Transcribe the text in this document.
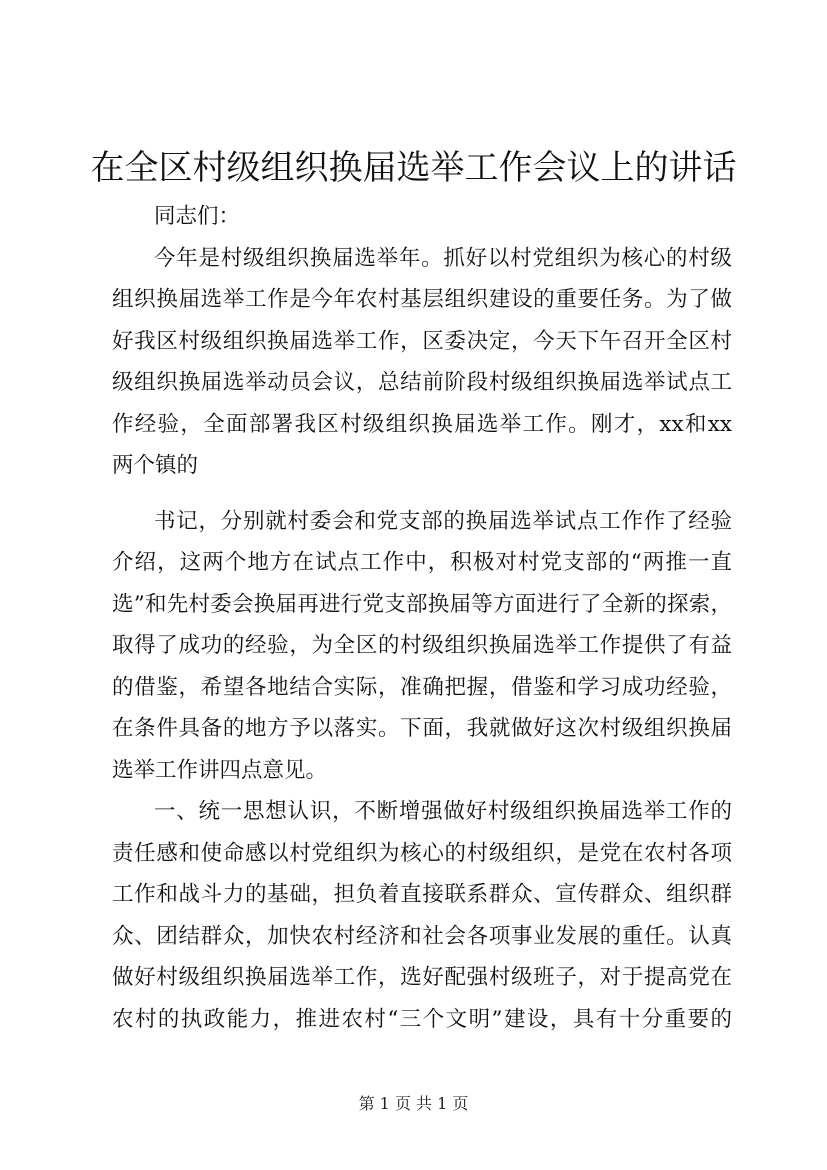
在全区村级组织换届选举工作会议上的讲话
同志们：
今年是村级组织换届选举年。抓好以村党组织为核心的村级
组织换届选举工作是今年农村基层组织建设的重要任务。为了做
好我区村级组织换届选举工作，区委决定，今天下午召开全区村
级组织换届选举动员会议，总结前阶段村级组织换届选举试点工
作经验，全面部署我区村级组织换届选举工作。刚才，xx和xx
两个镇的
书记，分别就村委会和党支部的换届选举试点工作作了经验
介绍，这两个地方在试点工作中，积极对村党支部的“两推一直
选”和先村委会换届再进行党支部换届等方面进行了全新的探索，
取得了成功的经验，为全区的村级组织换届选举工作提供了有益
的借鉴，希望各地结合实际，准确把握，借鉴和学习成功经验，
在条件具备的地方予以落实。下面，我就做好这次村级组织换届
选举工作讲四点意见。
一、统一思想认识，不断增强做好村级组织换届选举工作的
责任感和使命感以村党组织为核心的村级组织，是党在农村各项
工作和战斗力的基础，担负着直接联系群众、宣传群众、组织群
众、团结群众，加快农村经济和社会各项事业发展的重任。认真
做好村级组织换届选举工作，选好配强村级班子，对于提高党在
农村的执政能力，推进农村“三个文明”建设，具有十分重要的
第 1 页 共 1 页
